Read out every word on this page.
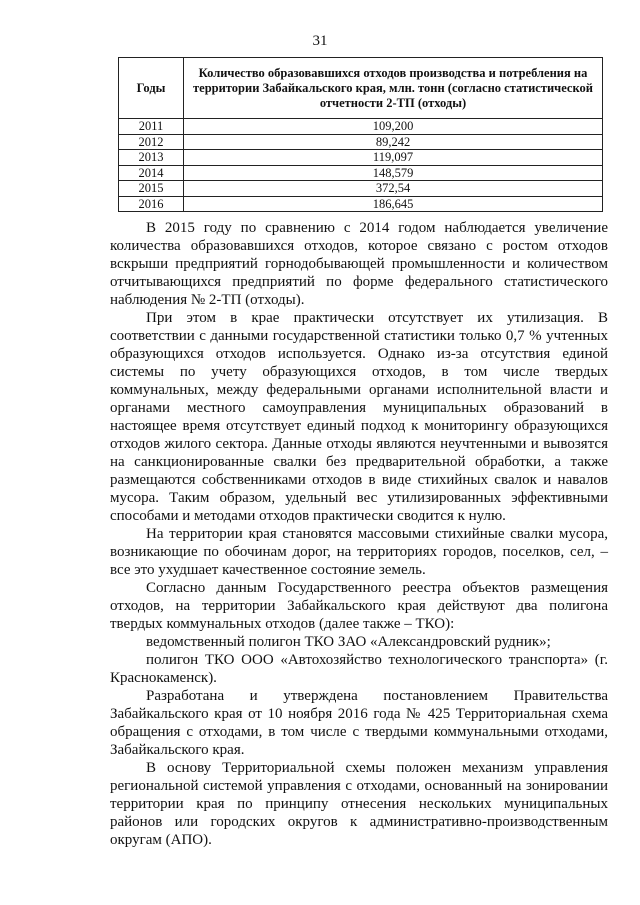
31
Годы	Количество образовавшихся отходов производства и потребления на территории Забайкальского края, млн. тонн (согласно статистической отчетности 2-ТП (отходы)
2011	109,200
2012	89,242
2013	119,097
2014	148,579
2015	372,54
2016	186,645

В 2015 году по сравнению с 2014 годом наблюдается увеличение количества образовавшихся отходов, которое связано с ростом отходов вскрыши предприятий горнодобывающей промышленности и количеством отчитывающихся предприятий по форме федерального статистического наблюдения № 2-ТП (отходы).

При этом в крае практически отсутствует их утилизация. В соответствии с данными государственной статистики только 0,7 % учтенных образующихся отходов используется. Однако из-за отсутствия единой системы по учету образующихся отходов, в том числе твердых коммунальных, между федеральными органами исполнительной власти и органами местного самоуправления муниципальных образований в настоящее время отсутствует единый подход к мониторингу образующихся отходов жилого сектора. Данные отходы являются неучтенными и вывозятся на санкционированные свалки без предварительной обработки, а также размещаются собственниками отходов в виде стихийных свалок и навалов мусора. Таким образом, удельный вес утилизированных эффективными способами и методами отходов практически сводится к нулю.

На территории края становятся массовыми стихийные свалки мусора, возникающие по обочинам дорог, на территориях городов, поселков, сел, – все это ухудшает качественное состояние земель.

Согласно данным Государственного реестра объектов размещения отходов, на территории Забайкальского края действуют два полигона твердых коммунальных отходов (далее также – ТКО):

ведомственный полигон ТКО ЗАО «Александровский рудник»;

полигон ТКО ООО «Автохозяйство технологического транспорта» (г. Краснокаменск).

Разработана и утверждена постановлением Правительства Забайкальского края от 10 ноября 2016 года № 425 Территориальная схема обращения с отходами, в том числе с твердыми коммунальными отходами, Забайкальского края.

В основу Территориальной схемы положен механизм управления региональной системой управления с отходами, основанный на зонировании территории края по принципу отнесения нескольких муниципальных районов или городских округов к административно-производственным округам (АПО).
